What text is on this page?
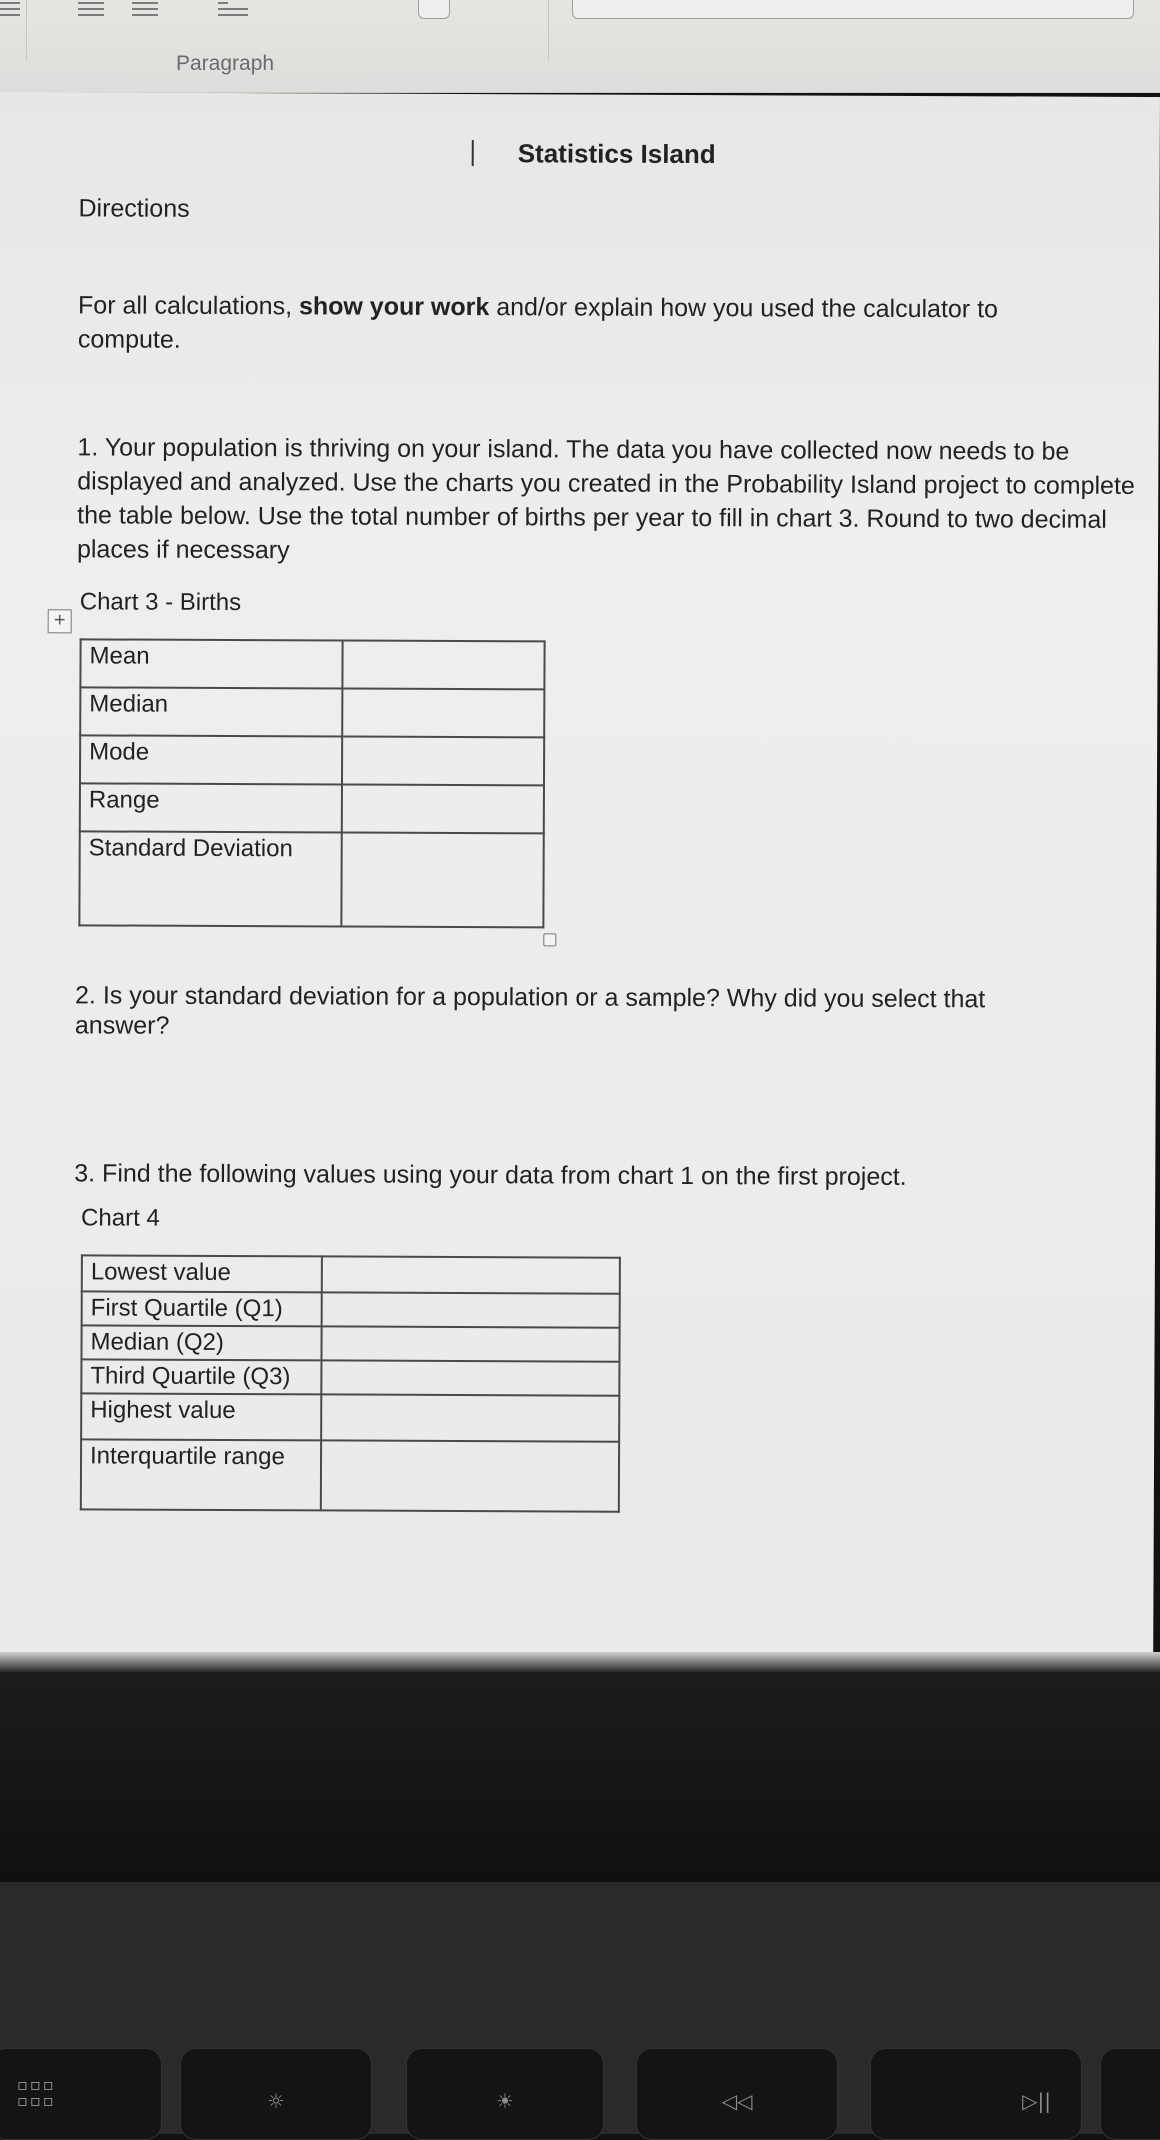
Paragraph
Statistics Island
Directions
For all calculations, show your work and/or explain how you used the calculator to compute.
1. Your population is thriving on your island. The data you have collected now needs to be displayed and analyzed. Use the charts you created in the Probability Island project to complete the table below. Use the total number of births per year to fill in chart 3. Round to two decimal places if necessary
Chart 3 - Births
+
Mean	
Median	
Mode	
Range	
Standard Deviation	
2. Is your standard deviation for a population or a sample? Why did you select that answer?
3. Find the following values using your data from chart 1 on the first project.
Chart 4
Lowest value	
First Quartile (Q1)	
Median (Q2)	
Third Quartile (Q3)	
Highest value	
Interquartile range	
▫▫▫
▫▫▫	☼	☀	◁◁	▷||
